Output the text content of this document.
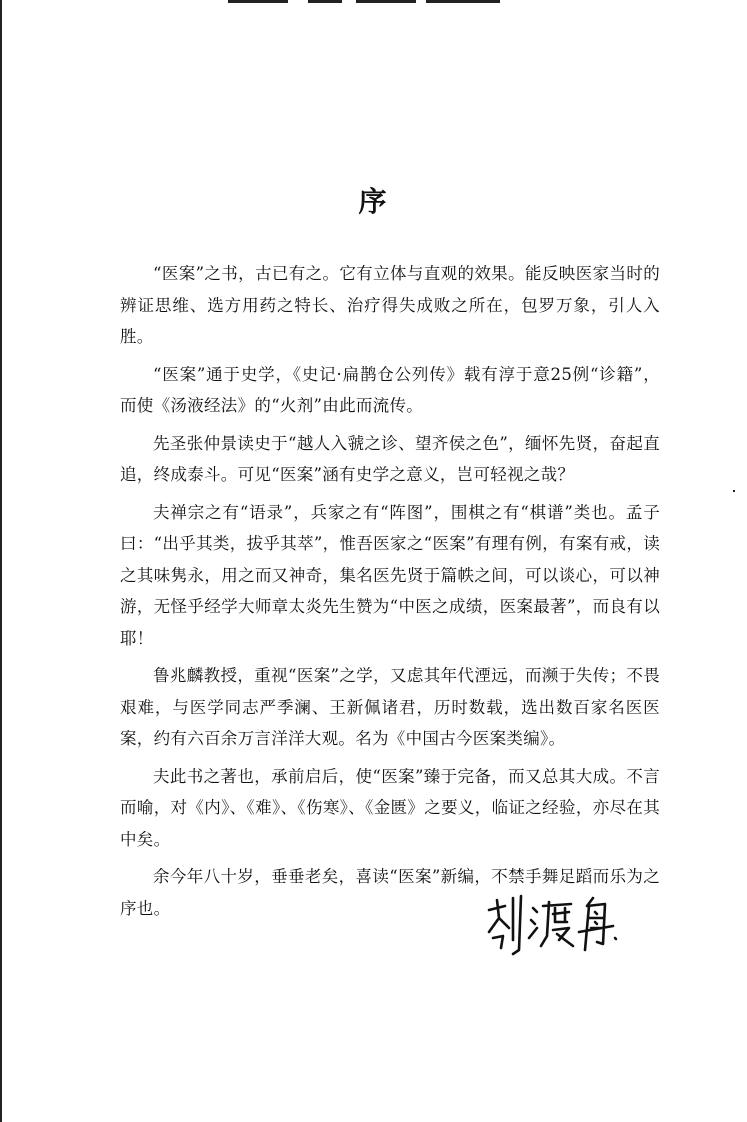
序

“医案”之书，古已有之。它有立体与直观的效果。能反映医家当时的辨证思维、选方用药之特长、治疗得失成败之所在，包罗万象，引人入胜。

“医案”通于史学，《史记·扁鹊仓公列传》载有淳于意25例“诊籍”，而使《汤液经法》的“火剂”由此而流传。

先圣张仲景读史于“越人入虢之诊、望齐侯之色”，缅怀先贤，奋起直追，终成泰斗。可见“医案”涵有史学之意义，岂可轻视之哉？

夫禅宗之有“语录”，兵家之有“阵图”，围棋之有“棋谱”类也。孟子曰：“出乎其类，拔乎其萃”，惟吾医家之“医案”有理有例，有案有戒，读之其味隽永，用之而又神奇，集名医先贤于篇帙之间，可以谈心，可以神游，无怪乎经学大师章太炎先生赞为“中医之成绩，医案最著”，而良有以耶！

鲁兆麟教授，重视“医案”之学，又虑其年代湮远，而濒于失传；不畏艰难，与医学同志严季澜、王新佩诸君，历时数载，选出数百家名医医案，约有六百余万言洋洋大观。名为《中国古今医案类编》。

夫此书之著也，承前启后，使“医案”臻于完备，而又总其大成。不言而喻，对《内》、《难》、《伤寒》、《金匮》之要义，临证之经验，亦尽在其中矣。

余今年八十岁，垂垂老矣，喜读“医案”新编，不禁手舞足蹈而乐为之序也。
